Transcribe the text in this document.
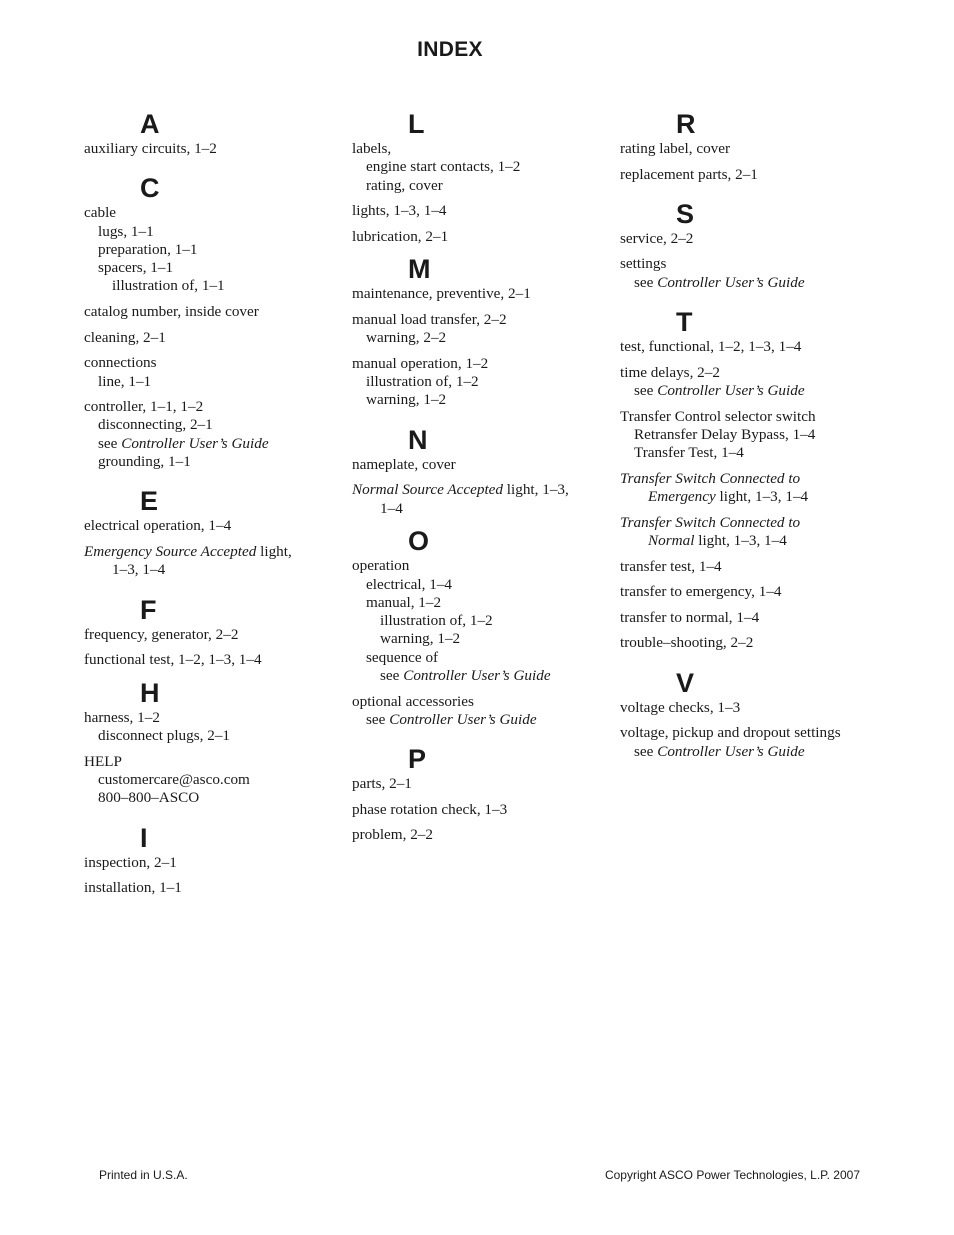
INDEX
A
auxiliary circuits, 1–2
C
cable
lugs, 1–1
preparation, 1–1
spacers, 1–1
illustration of, 1–1
catalog number, inside cover
cleaning, 2–1
connections
line, 1–1
controller, 1–1, 1–2
disconnecting, 2–1
see Controller User’s Guide
grounding, 1–1
E
electrical operation, 1–4
Emergency Source Accepted light,
1–3, 1–4
F
frequency, generator, 2–2
functional test, 1–2, 1–3, 1–4
H
harness, 1–2
disconnect plugs, 2–1
HELP
customercare@asco.com
800–800–ASCO
I
inspection, 2–1
installation, 1–1
L
labels,
engine start contacts, 1–2
rating, cover
lights, 1–3, 1–4
lubrication, 2–1
M
maintenance, preventive, 2–1
manual load transfer, 2–2
warning, 2–2
manual operation, 1–2
illustration of, 1–2
warning, 1–2
N
nameplate, cover
Normal Source Accepted light, 1–3,
1–4
O
operation
electrical, 1–4
manual, 1–2
illustration of, 1–2
warning, 1–2
sequence of
see Controller User’s Guide
optional accessories
see Controller User’s Guide
P
parts, 2–1
phase rotation check, 1–3
problem, 2–2
R
rating label, cover
replacement parts, 2–1
S
service, 2–2
settings
see Controller User’s Guide
T
test, functional, 1–2, 1–3, 1–4
time delays, 2–2
see Controller User’s Guide
Transfer Control selector switch
Retransfer Delay Bypass, 1–4
Transfer Test, 1–4
Transfer Switch Connected to
Emergency light, 1–3, 1–4
Transfer Switch Connected to
Normal light, 1–3, 1–4
transfer test, 1–4
transfer to emergency, 1–4
transfer to normal, 1–4
trouble–shooting, 2–2
V
voltage checks, 1–3
voltage, pickup and dropout settings
see Controller User’s Guide
Printed in U.S.A.	Copyright ASCO Power Technologies, L.P. 2007
